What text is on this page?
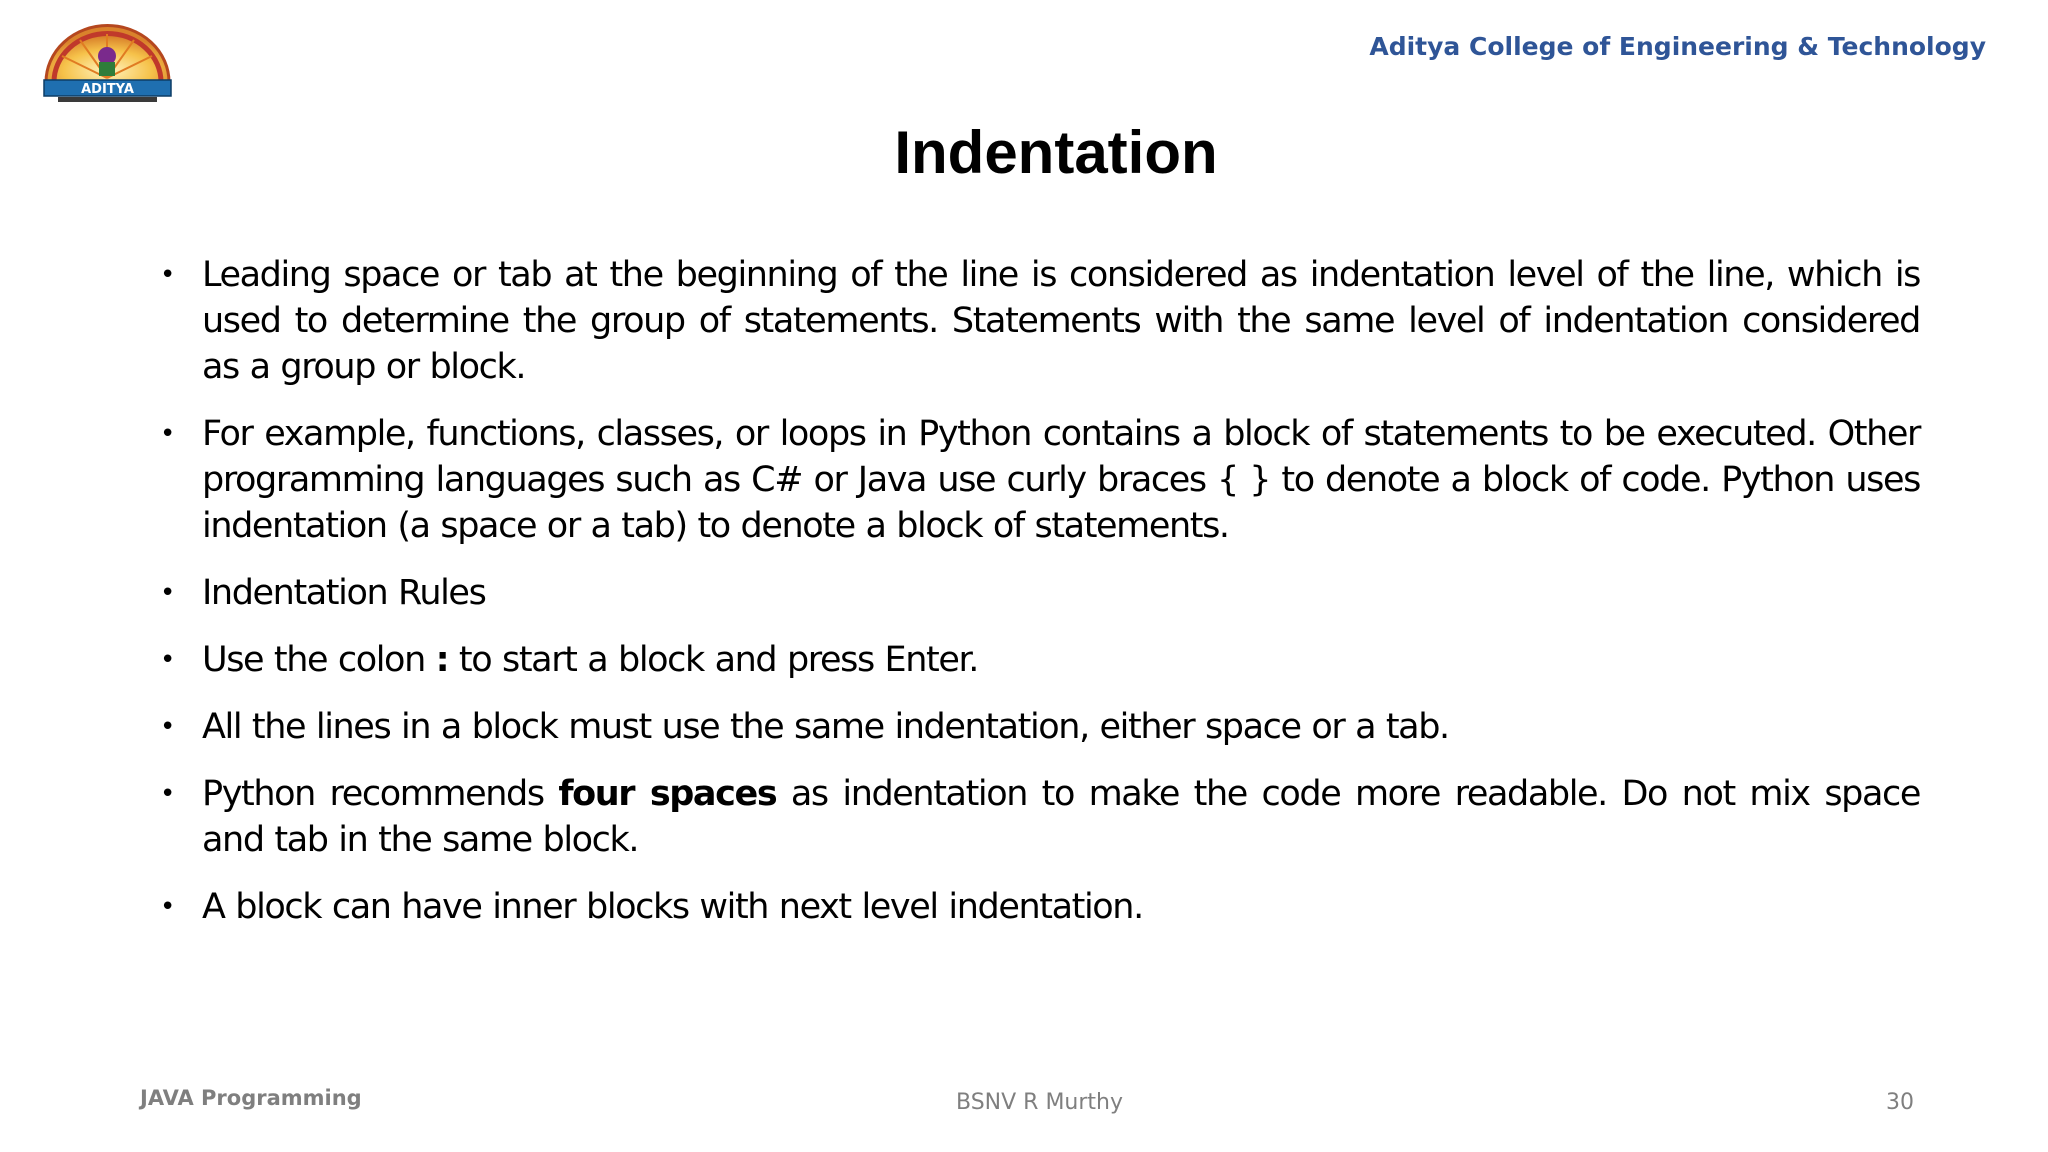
ADITYA
Aditya College of Engineering & Technology
Indentation
• Leading space or tab at the beginning of the line is considered as indentation level of the line, which is used to determine the group of statements. Statements with the same level of indentation considered as a group or block.
• For example, functions, classes, or loops in Python contains a block of statements to be executed. Other programming languages such as C# or Java use curly braces { } to denote a block of code. Python uses indentation (a space or a tab) to denote a block of statements.
• Indentation Rules
• Use the colon : to start a block and press Enter.
• All the lines in a block must use the same indentation, either space or a tab.
• Python recommends four spaces as indentation to make the code more readable. Do not mix space and tab in the same block.
• A block can have inner blocks with next level indentation.
JAVA Programming	BSNV R Murthy	30
